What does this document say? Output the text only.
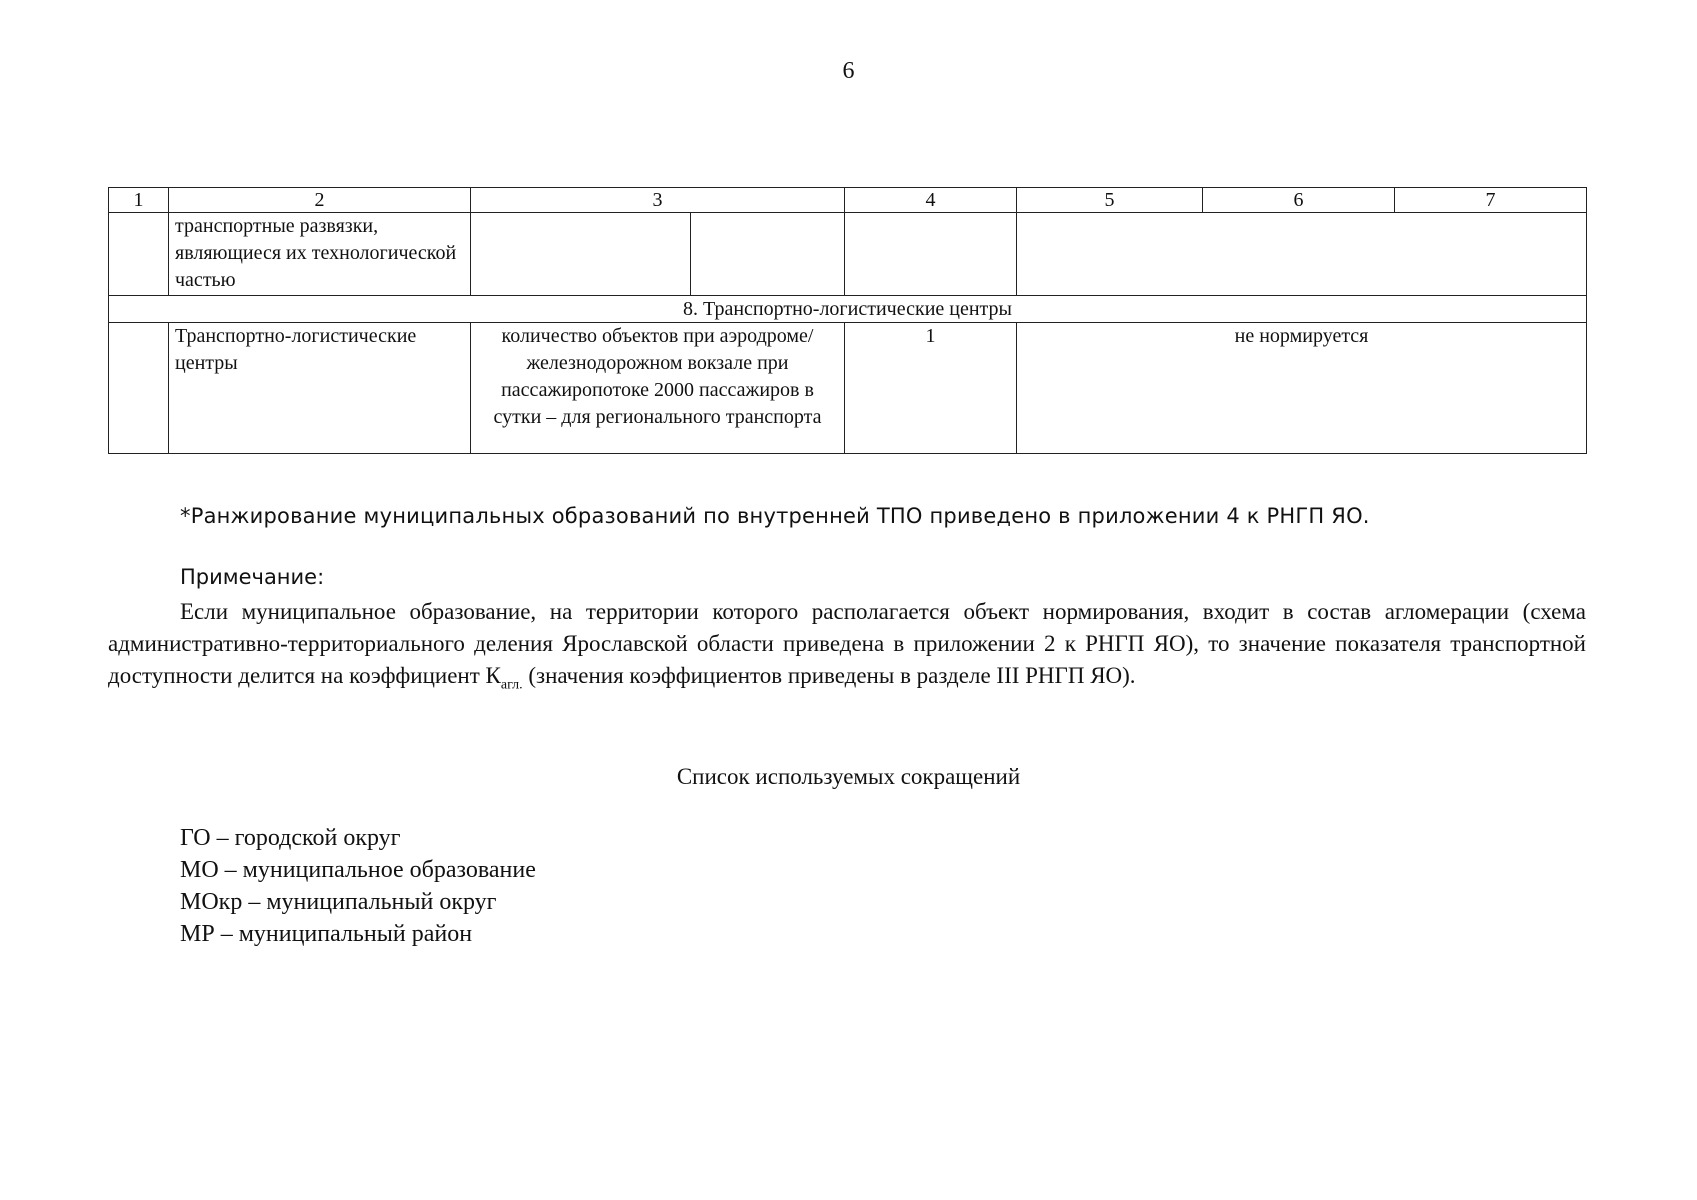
6
1	2	3		4	5	6	7
	транспортные развязки, являющиеся их технологической частью						
8. Транспортно-логистические центры							
	Транспортно-логистические центры	количество объектов при аэродроме/ железнодорожном вокзале при пассажиропотоке 2000 пассажиров в сутки – для регионального транспорта		1	не нормируется		
*Ранжирование муниципальных образований по внутренней ТПО приведено в приложении 4 к РНГП ЯО.
Примечание:
Если муниципальное образование, на территории которого располагается объект нормирования, входит в состав агломерации (схема административно-территориального деления Ярославской области приведена в приложении 2 к РНГП ЯО), то значение показателя транспортной доступности делится на коэффициент $К_{агл.}$ (значения коэффициентов приведены в разделе III РНГП ЯО).
Список используемых сокращений
ГО – городской округ
МО – муниципальное образование
МОкр – муниципальный округ
МР – муниципальный район
